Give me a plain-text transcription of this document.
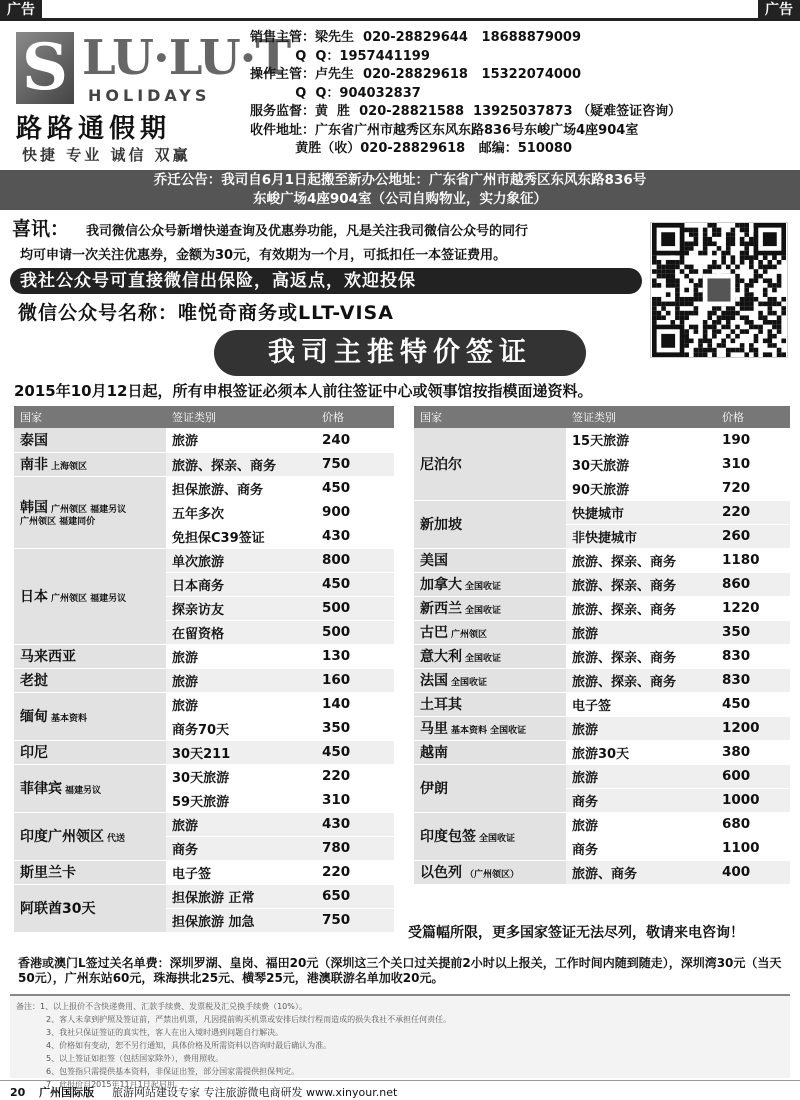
广告	广告
S LU·LU·T
HOLIDAYS
路路通假期
快捷 专业 诚信 双赢
销售主管：梁先生  020-28829644   18688879009
Q  Q：1957441199
操作主管：卢先生  020-28829618   15322074000
Q  Q：904032837
服务监督：黄  胜  020-28821588  13925037873 （疑难签证咨询）
收件地址：广东省广州市越秀区东风东路836号东峻广场4座904室
黄胜（收）020-28829618   邮编：510080
乔迁公告：我司自6月1日起搬至新办公地址：广东省广州市越秀区东风东路836号
东峻广场4座904室（公司自购物业，实力象征）
喜讯： 我司微信公众号新增快递查询及优惠券功能，凡是关注我司微信公众号的同行
均可申请一次关注优惠券，金额为30元，有效期为一个月，可抵扣任一本签证费用。
我社公众号可直接微信出保险，高返点，欢迎投保
微信公众号名称：唯悦奇商务或LLT-VISA
我司主推特价签证
2015年10月12日起，所有申根签证必须本人前往签证中心或领事馆按指模面递资料。
国家	签证类别	价格
泰国	旅游	240
南非 上海领区	旅游、探亲、商务	750
韩国 广州领区 福建另议
广州领区 福建同价	担保旅游、商务	450
	五年多次	900
	免担保C39签证	430
日本 广州领区 福建另议	单次旅游	800
	日本商务	450
	探亲访友	500
	在留资格	500
马来西亚	旅游	130
老挝	旅游	160
缅甸 基本资料	旅游	140
	商务70天	350
印尼	30天211	450
菲律宾 福建另议	30天旅游	220
	59天旅游	310
印度广州领区 代送	旅游	430
	商务	780
斯里兰卡	电子签	220
阿联酋30天	担保旅游 正常	650
	担保旅游 加急	750
国家	签证类别	价格
尼泊尔	15天旅游	190
	30天旅游	310
	90天旅游	720
新加坡	快捷城市	220
	非快捷城市	260
美国	旅游、探亲、商务	1180
加拿大 全国收证	旅游、探亲、商务	860
新西兰 全国收证	旅游、探亲、商务	1220
古巴 广州领区	旅游	350
意大利 全国收证	旅游、探亲、商务	830
法国 全国收证	旅游、探亲、商务	830
土耳其	电子签	450
马里 基本资料 全国收证	旅游	1200
越南	旅游30天	380
伊朗	旅游	600
	商务	1000
印度包签 全国收证	旅游	680
	商务	1100
以色列 （广州领区）	旅游、商务	400
受篇幅所限，更多国家签证无法尽列，敬请来电咨询！
香港或澳门L签过关名单费：深圳罗湖、皇岗、福田20元（深圳这三个关口过关提前2小时以上报关，工作时间内随到随走），深圳湾30元（当天50元），广州东站60元，珠海拱北25元、横琴25元，港澳联游名单加收20元。
备注：1、以上报价不含快递费用、汇款手续费、发票税及汇兑换手续费（10%）。
2、客人未拿到护照及签证前，严禁出机票，凡因提前购买机票或安排后续行程而造成的损失我社不承担任何责任。
3、我社只保证签证的真实性，客人在出入境时遇到问题自行解决。
4、价格如有变动，恕不另行通知，具体价格及所需资料以咨询时最后确认为准。
5、以上签证如拒签（包括国家除外），费用照收。
6、包签指只需提供基本资料，非保证出签，部分国家需提供担保判定。
7、此报价自2015年11月1日起启用。
20 广州国际版 旅游网站建设专家 专注旅游微电商研发 www.xinyour.net
